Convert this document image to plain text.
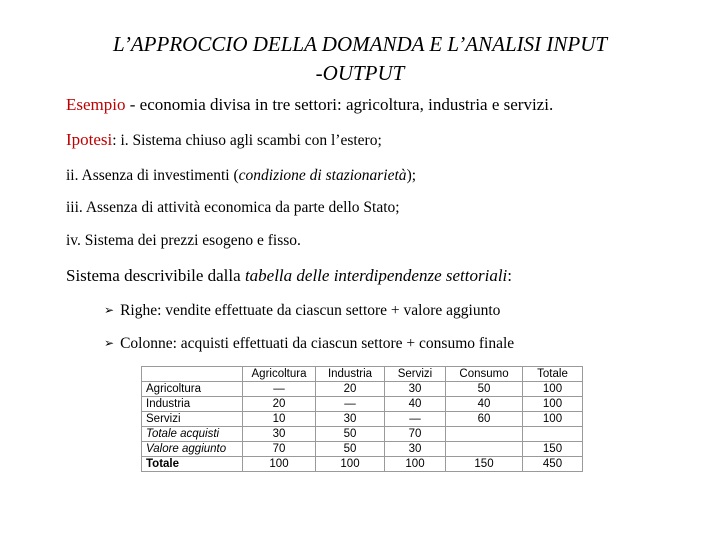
L’APPROCCIO DELLA DOMANDA E L’ANALISI INPUT
-OUTPUT
Esempio - economia divisa in tre settori: agricoltura, industria e servizi.
Ipotesi: i. Sistema chiuso agli scambi con l’estero;
ii. Assenza di investimenti (condizione di stazionarietà);
iii. Assenza di attività economica da parte dello Stato;
iv. Sistema dei prezzi esogeno e fisso.
Sistema descrivibile dalla tabella delle interdipendenze settoriali:
➢ Righe: vendite effettuate da ciascun settore + valore aggiunto
➢ Colonne: acquisti effettuati da ciascun settore + consumo finale
	Agricoltura	Industria	Servizi	Consumo	Totale
Agricoltura	—	20	30	50	100
Industria	20	—	40	40	100
Servizi	10	30	—	60	100
Totale acquisti	30	50	70		
Valore aggiunto	70	50	30		150
Totale	100	100	100	150	450
